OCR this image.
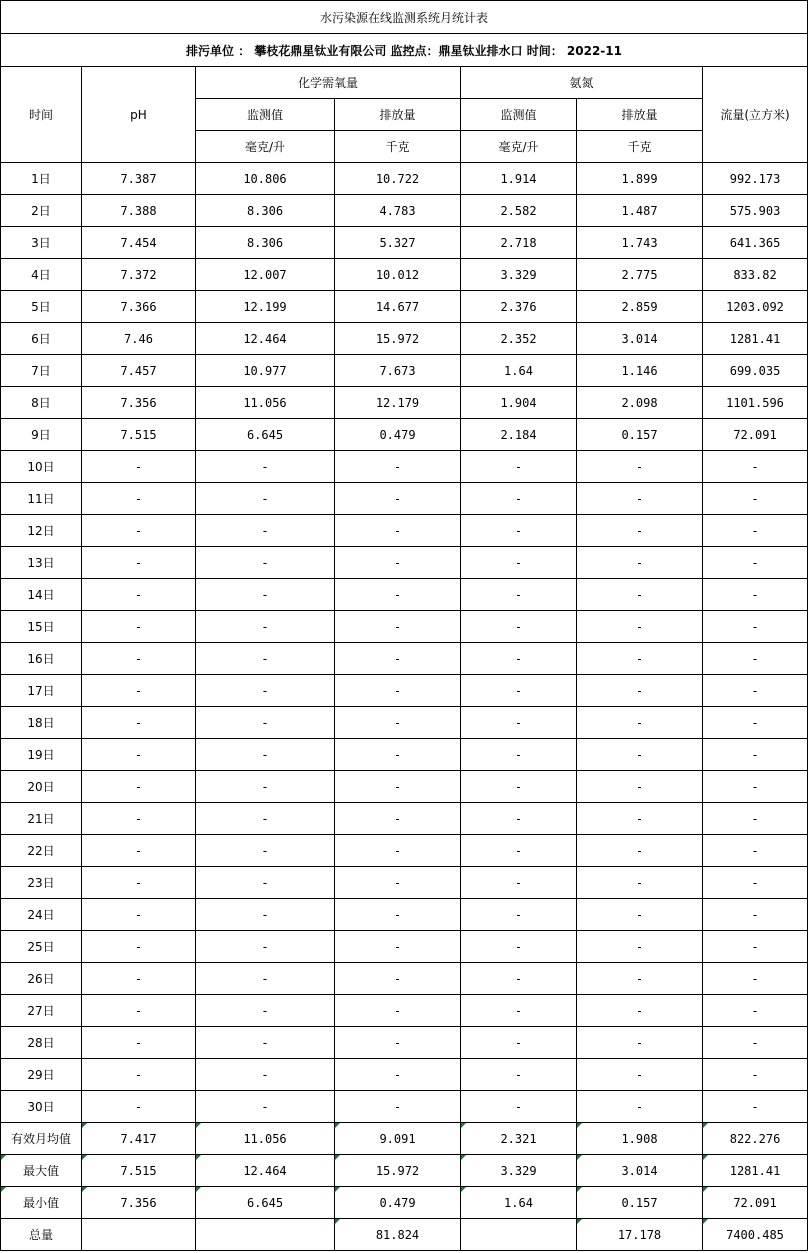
水污染源在线监测系统月统计表						
排污单位 ： 攀枝花鼎星钛业有限公司 监控点：鼎星钛业排水口 时间： 2022-11						
时间	pH	化学需氧量		氨氮		流量(立方米)
		监测值	排放量	监测值	排放量	
		毫克/升	千克	毫克/升	千克	
1日	7.387	10.806	10.722	1.914	1.899	992.173
2日	7.388	8.306	4.783	2.582	1.487	575.903
3日	7.454	8.306	5.327	2.718	1.743	641.365
4日	7.372	12.007	10.012	3.329	2.775	833.82
5日	7.366	12.199	14.677	2.376	2.859	1203.092
6日	7.46	12.464	15.972	2.352	3.014	1281.41
7日	7.457	10.977	7.673	1.64	1.146	699.035
8日	7.356	11.056	12.179	1.904	2.098	1101.596
9日	7.515	6.645	0.479	2.184	0.157	72.091
10日	-	-	-	-	-	-
11日	-	-	-	-	-	-
12日	-	-	-	-	-	-
13日	-	-	-	-	-	-
14日	-	-	-	-	-	-
15日	-	-	-	-	-	-
16日	-	-	-	-	-	-
17日	-	-	-	-	-	-
18日	-	-	-	-	-	-
19日	-	-	-	-	-	-
20日	-	-	-	-	-	-
21日	-	-	-	-	-	-
22日	-	-	-	-	-	-
23日	-	-	-	-	-	-
24日	-	-	-	-	-	-
25日	-	-	-	-	-	-
26日	-	-	-	-	-	-
27日	-	-	-	-	-	-
28日	-	-	-	-	-	-
29日	-	-	-	-	-	-
30日	-	-	-	-	-	-
有效月均值	7.417	11.056	9.091	2.321	1.908	822.276
最大值	7.515	12.464	15.972	3.329	3.014	1281.41
最小值	7.356	6.645	0.479	1.64	0.157	72.091
总量			81.824		17.178	7400.485
